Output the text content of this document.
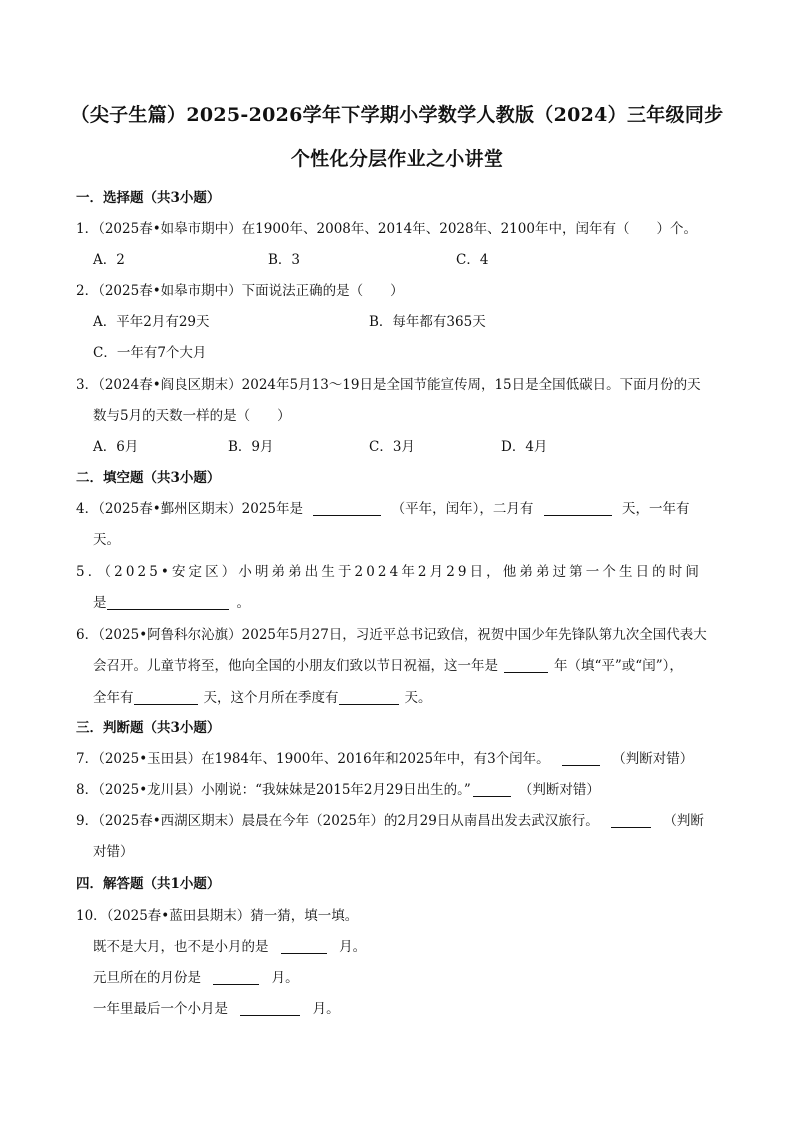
（尖子生篇）2025-2026学年下学期小学数学人教版（2024）三年级同步
个性化分层作业之小讲堂
一．选择题（共3小题）
1．（2025春•如皋市期中）在1900年、2008年、2014年、2028年、2100年中，闰年有（　　）个。
A．2	B．3	C．4
2．（2025春•如皋市期中）下面说法正确的是（　　）
A．平年2月有29天	B．每年都有365天
C．一年有7个大月
3．（2024春•阎良区期末）2024年5月13～19日是全国节能宣传周，15日是全国低碳日。下面月份的天
数与5月的天数一样的是（　　）
A．6月	B．9月	C．3月	D．4月
二．填空题（共3小题）
4．（2025春•鄞州区期末）2025年是	（平年，闰年），二月有	天，一年有
天。
5．（2025•安定区）小明弟弟出生于2024年2月29日，他弟弟过第一个生日的时间
是	。
6．（2025•阿鲁科尔沁旗）2025年5月27日，习近平总书记致信，祝贺中国少年先锋队第九次全国代表大
会召开。儿童节将至，他向全国的小朋友们致以节日祝福，这一年是	年（填“平”或“闰”），
全年有	天，这个月所在季度有	天。
三．判断题（共3小题）
7．（2025•玉田县）在1984年、1900年、2016年和2025年中，有3个闰年。	（判断对错）
8．（2025•龙川县）小刚说：“我妹妹是2015年2月29日出生的。”	（判断对错）
9．（2025春•西湖区期末）晨晨在今年（2025年）的2月29日从南昌出发去武汉旅行。	（判断
对错）
四．解答题（共1小题）
10．（2025春•蓝田县期末）猜一猜，填一填。
既不是大月，也不是小月的是	月。
元旦所在的月份是	月。
一年里最后一个小月是	月。
